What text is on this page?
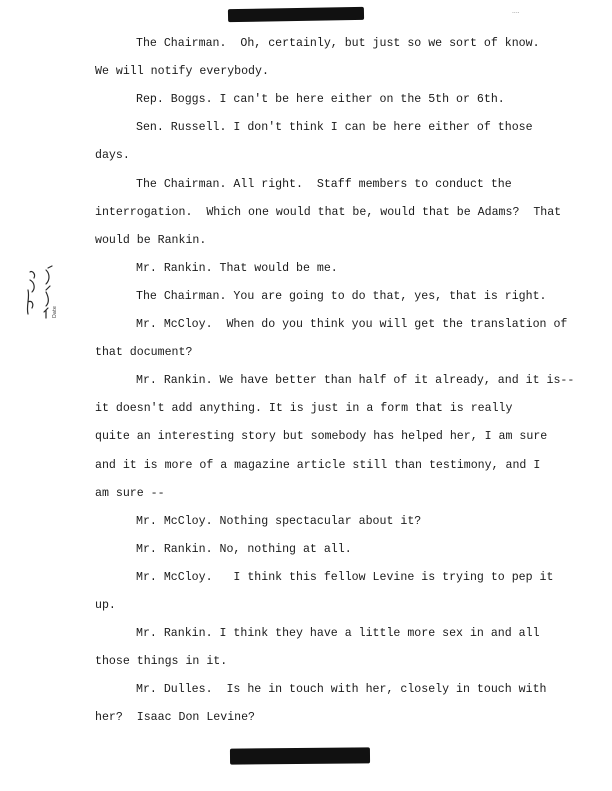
....
Date
The Chairman.  Oh, certainly, but just so we sort of know.
We will notify everybody.
Rep. Boggs. I can't be here either on the 5th or 6th.
Sen. Russell. I don't think I can be here either of those
days.
The Chairman. All right.  Staff members to conduct the
interrogation.  Which one would that be, would that be Adams?  That
would be Rankin.
Mr. Rankin. That would be me.
The Chairman. You are going to do that, yes, that is right.
Mr. McCloy.  When do you think you will get the translation of
that document?
Mr. Rankin. We have better than half of it already, and it is--
it doesn't add anything. It is just in a form that is really
quite an interesting story but somebody has helped her, I am sure
and it is more of a magazine article still than testimony, and I
am sure --
Mr. McCloy. Nothing spectacular about it?
Mr. Rankin. No, nothing at all.
Mr. McCloy.   I think this fellow Levine is trying to pep it
up.
Mr. Rankin. I think they have a little more sex in and all
those things in it.
Mr. Dulles.  Is he in touch with her, closely in touch with
her?  Isaac Don Levine?
